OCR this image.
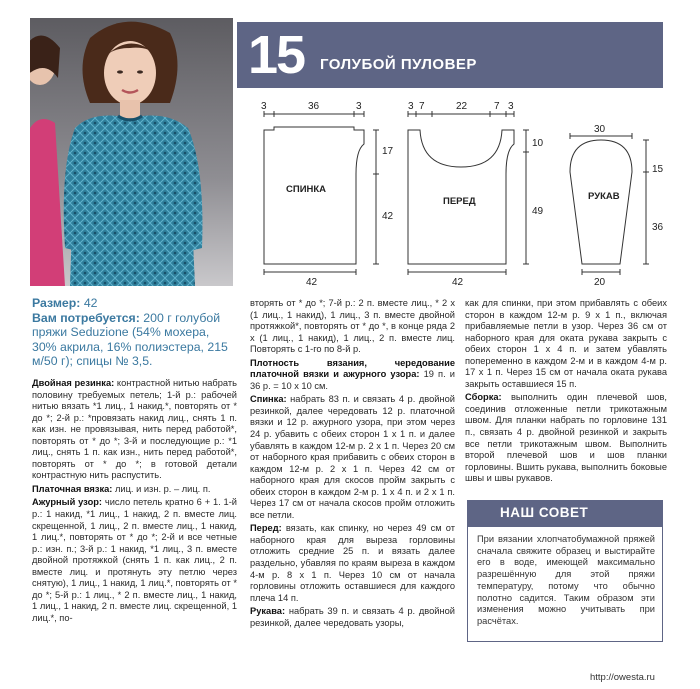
15 ГОЛУБОЙ ПУЛОВЕР
3	36	3
17
42
42
СПИНКА
3 7	22	7 3
10
49
42
ПЕРЕД
30
15
36
20
РУКАВ
Размер: 42
Вам потребуется: 200 г голубой пряжи Seduzione (54% мохера, 30% акрила, 16% полиэстера, 215 м/50 г); спицы № 3,5.

Двойная резинка: контрастной нитью набрать половину требуемых петель; 1-й р.: рабочей нитью вязать *1 лиц., 1 накид.*, повторять от * до *; 2-й р.: *провязать накид лиц., снять 1 п. как изн. не провязывая, нить перед работой*, повторять от * до *; 3-й и последующие р.: *1 лиц., снять 1 п. как изн., нить перед работой*, повторять от * до *; в готовой детали контрастную нить распустить.

Платочная вязка: лиц. и изн. р. – лиц. п.

Ажурный узор: число петель кратно 6 + 1. 1-й р.: 1 накид, *1 лиц., 1 накид, 2 п. вместе лиц. скрещенной, 1 лиц., 2 п. вместе лиц., 1 накид, 1 лиц.*, повторять от * до *; 2-й и все четные р.: изн. п.; 3-й р.: 1 накид, *1 лиц., 3 п. вместе двойной протяжкой (снять 1 п. как лиц., 2 п. вместе лиц. и протянуть эту петлю через снятую), 1 лиц., 1 накид, 1 лиц.*, повторять от * до *; 5-й р.: 1 лиц., * 2 п. вместе лиц., 1 накид, 1 лиц., 1 накид, 2 п. вместе лиц. скрещенной, 1 лиц.*, по-

вторять от * до *; 7-й р.: 2 п. вместе лиц., * 2 х (1 лиц., 1 накид), 1 лиц., 3 п. вместе двойной протяжкой*, повторять от * до *, в конце ряда 2 х (1 лиц., 1 накид), 1 лиц., 2 п. вместе лиц. Повторять с 1-го по 8-й р.

Плотность вязания, чередование платочной вязки и ажурного узора: 19 п. и 36 р. = 10 х 10 см.

Спинка: набрать 83 п. и связать 4 р. двойной резинкой, далее чередовать 12 р. платочной вязки и 12 р. ажурного узора, при этом через 24 р. убавить с обеих сторон 1 х 1 п. и далее убавлять в каждом 12-м р. 2 х 1 п. Через 20 см от наборного края прибавить с обеих сторон в каждом 12-м р. 2 х 1 п. Через 42 см от наборного края для скосов пройм закрыть с обеих сторон в каждом 2-м р. 1 х 4 п. и 2 х 1 п. Через 17 см от начала скосов пройм отложить все петли.

Перед: вязать, как спинку, но через 49 см от наборного края для выреза горловины отложить средние 25 п. и вязать далее раздельно, убавляя по краям выреза в каждом 4-м р. 8 х 1 п. Через 10 см от начала горловины отложить оставшиеся для каждого плеча 14 п.

Рукава: набрать 39 п. и связать 4 р. двойной резинкой, далее чередовать узоры,

как для спинки, при этом прибавлять с обеих сторон в каждом 12-м р. 9 х 1 п., включая прибавляемые петли в узор. Через 36 см от наборного края для оката рукава закрыть с обеих сторон 1 х 4 п. и затем убавлять попеременно в каждом 2-м и в каждом 4-м р. 17 х 1 п. Через 15 см от начала оката рукава закрыть оставшиеся 15 п.

Сборка: выполнить один плечевой шов, соединив отложенные петли трикотажным швом. Для планки набрать по горловине 131 п., связать 4 р. двойной резинкой и закрыть все петли трикотажным швом. Выполнить второй плечевой шов и шов планки горловины. Вшить рукава, выполнить боковые швы и швы рукавов.

НАШ СОВЕТ
При вязании хлопчатобумажной пряжей сначала свяжите образец и выстирайте его в воде, имеющей максимально разрешённую для этой пряжи температуру, потому что обычно полотно садится. Таким образом эти изменения можно учитывать при расчётах.
http://owesta.ru
